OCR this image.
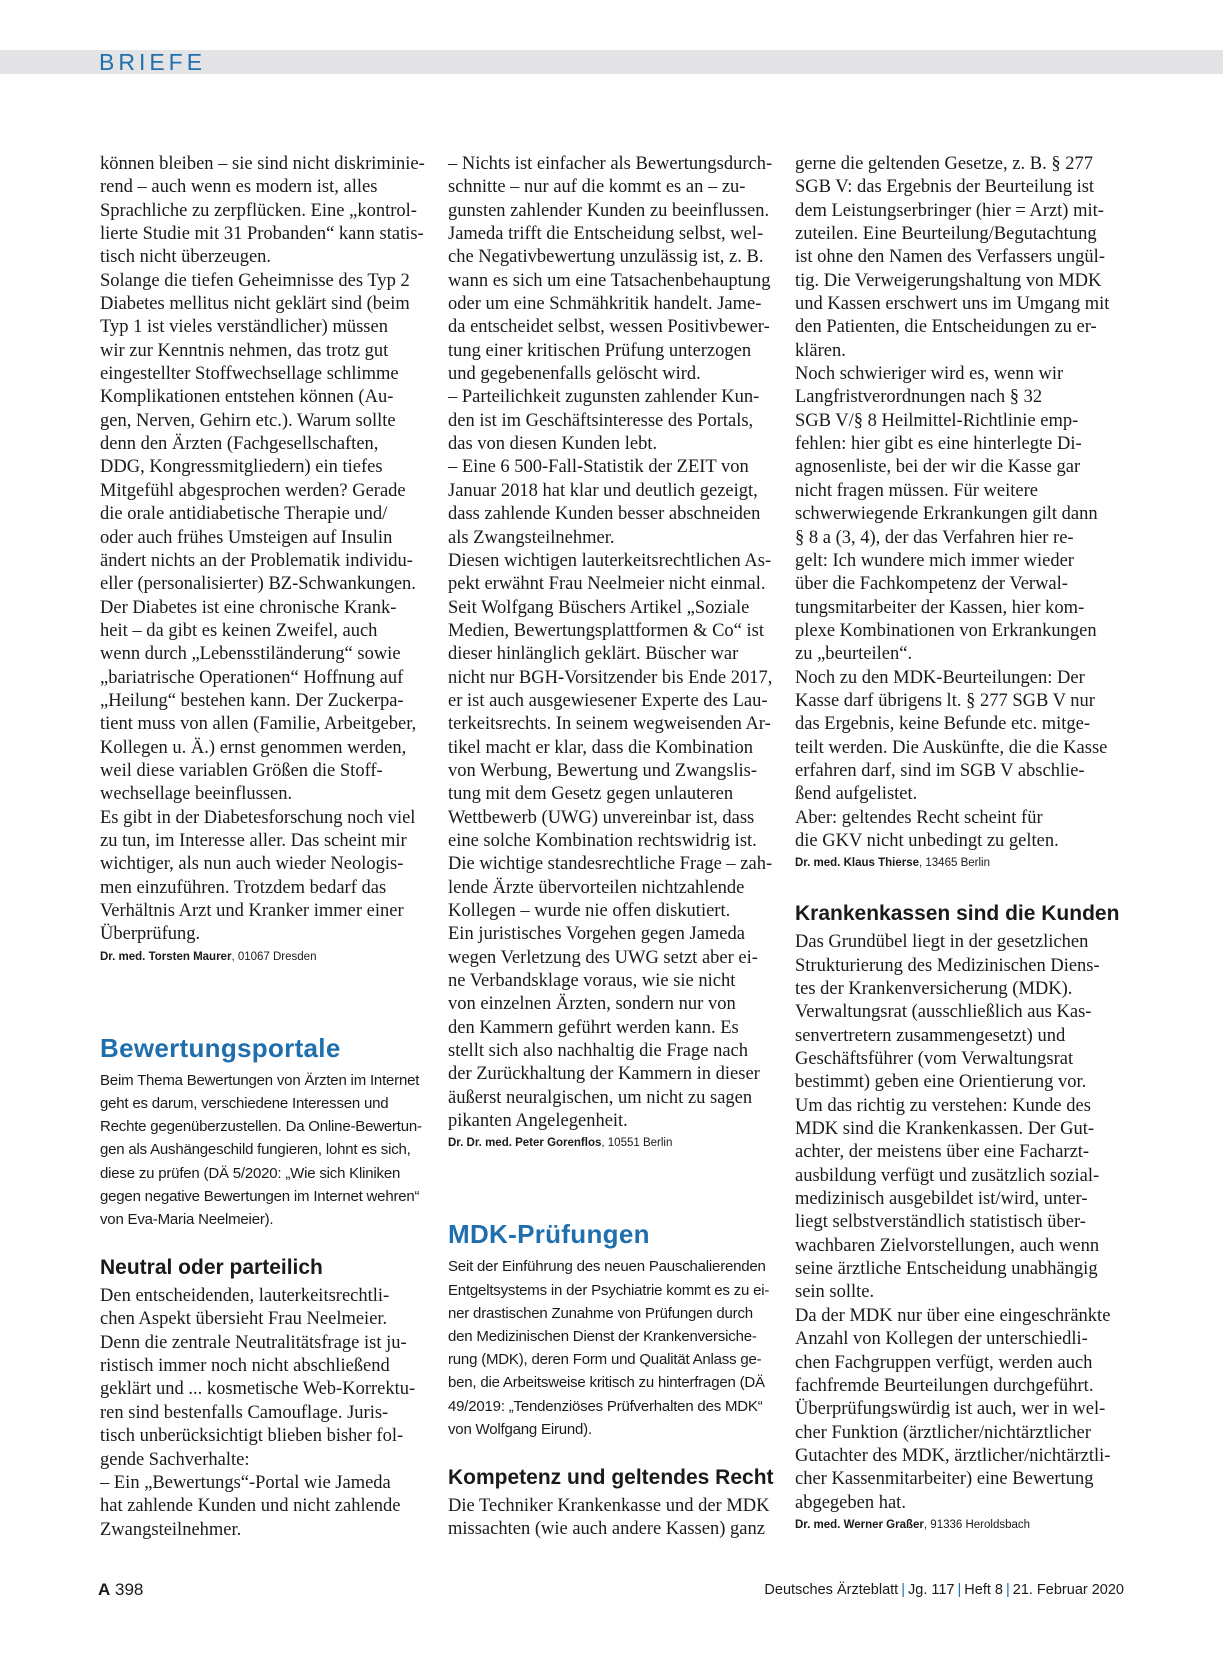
BRIEFE
können bleiben – sie sind nicht diskriminie-
rend – auch wenn es modern ist, alles
Sprachliche zu zerpflücken. Eine „kontrol-
lierte Studie mit 31 Probanden“ kann statis-
tisch nicht überzeugen.
Solange die tiefen Geheimnisse des Typ 2
Diabetes mellitus nicht geklärt sind (beim
Typ 1 ist vieles verständlicher) müssen
wir zur Kenntnis nehmen, das trotz gut
eingestellter Stoffwechsellage schlimme
Komplikationen entstehen können (Au-
gen, Nerven, Gehirn etc.). Warum sollte
denn den Ärzten (Fachgesellschaften,
DDG, Kongressmitgliedern) ein tiefes
Mitgefühl abgesprochen werden? Gerade
die orale antidiabetische Therapie und/
oder auch frühes Umsteigen auf Insulin
ändert nichts an der Problematik individu-
eller (personalisierter) BZ-Schwankungen.
Der Diabetes ist eine chronische Krank-
heit – da gibt es keinen Zweifel, auch
wenn durch „Lebensstiländerung“ sowie
„bariatrische Operationen“ Hoffnung auf
„Heilung“ bestehen kann. Der Zuckerpa-
tient muss von allen (Familie, Arbeitgeber,
Kollegen u. Ä.) ernst genommen werden,
weil diese variablen Größen die Stoff-
wechsellage beeinflussen.
Es gibt in der Diabetesforschung noch viel
zu tun, im Interesse aller. Das scheint mir
wichtiger, als nun auch wieder Neologis-
men einzuführen. Trotzdem bedarf das
Verhältnis Arzt und Kranker immer einer
Überprüfung.

Dr. med. Torsten Maurer, 01067 Dresden

Bewertungsportale
Beim Thema Bewertungen von Ärzten im Internet
geht es darum, verschiedene Interessen und
Rechte gegenüberzustellen. Da Online-Bewertun-
gen als Aushängeschild fungieren, lohnt es sich,
diese zu prüfen (DÄ 5/2020: „Wie sich Kliniken
gegen negative Bewertungen im Internet wehren“
von Eva-Maria Neelmeier).
Neutral oder parteilich
Den entscheidenden, lauterkeitsrechtli-
chen Aspekt übersieht Frau Neelmeier.
Denn die zentrale Neutralitätsfrage ist ju-
ristisch immer noch nicht abschließend
geklärt und ... kosmetische Web-Korrektu-
ren sind bestenfalls Camouflage. Juris-
tisch unberücksichtigt blieben bisher fol-
gende Sachverhalte:
– Ein „Bewertungs“-Portal wie Jameda
hat zahlende Kunden und nicht zahlende
Zwangsteilnehmer.
– Nichts ist einfacher als Bewertungsdurch-
schnitte – nur auf die kommt es an – zu-
gunsten zahlender Kunden zu beeinflussen.
Jameda trifft die Entscheidung selbst, wel-
che Negativbewertung unzulässig ist, z. B.
wann es sich um eine Tatsachenbehauptung
oder um eine Schmähkritik handelt. Jame-
da entscheidet selbst, wessen Positivbewer-
tung einer kritischen Prüfung unterzogen
und gegebenenfalls gelöscht wird.
– Parteilichkeit zugunsten zahlender Kun-
den ist im Geschäftsinteresse des Portals,
das von diesen Kunden lebt.
– Eine 6 500-Fall-Statistik der ZEIT von
Januar 2018 hat klar und deutlich gezeigt,
dass zahlende Kunden besser abschneiden
als Zwangsteilnehmer.
Diesen wichtigen lauterkeitsrechtlichen As-
pekt erwähnt Frau Neelmeier nicht einmal.
Seit Wolfgang Büschers Artikel „Soziale
Medien, Bewertungsplattformen & Co“ ist
dieser hinlänglich geklärt. Büscher war
nicht nur BGH-Vorsitzender bis Ende 2017,
er ist auch ausgewiesener Experte des Lau-
terkeitsrechts. In seinem wegweisenden Ar-
tikel macht er klar, dass die Kombination
von Werbung, Bewertung und Zwangslis-
tung mit dem Gesetz gegen unlauteren
Wettbewerb (UWG) unvereinbar ist, dass
eine solche Kombination rechtswidrig ist.
Die wichtige standesrechtliche Frage – zah-
lende Ärzte übervorteilen nichtzahlende
Kollegen – wurde nie offen diskutiert.
Ein juristisches Vorgehen gegen Jameda
wegen Verletzung des UWG setzt aber ei-
ne Verbandsklage voraus, wie sie nicht
von einzelnen Ärzten, sondern nur von
den Kammern geführt werden kann. Es
stellt sich also nachhaltig die Frage nach
der Zurückhaltung der Kammern in dieser
äußerst neuralgischen, um nicht zu sagen
pikanten Angelegenheit.

Dr. Dr. med. Peter Gorenflos, 10551 Berlin

MDK-Prüfungen
Seit der Einführung des neuen Pauschalierenden
Entgeltsystems in der Psychiatrie kommt es zu ei-
ner drastischen Zunahme von Prüfungen durch
den Medizinischen Dienst der Krankenversiche-
rung (MDK), deren Form und Qualität Anlass ge-
ben, die Arbeitsweise kritisch zu hinterfragen (DÄ
49/2019: „Tendenziöses Prüfverhalten des MDK“
von Wolfgang Eirund).
Kompetenz und geltendes Recht
Die Techniker Krankenkasse und der MDK
missachten (wie auch andere Kassen) ganz
gerne die geltenden Gesetze, z. B. § 277
SGB V: das Ergebnis der Beurteilung ist
dem Leistungserbringer (hier = Arzt) mit-
zuteilen. Eine Beurteilung/Begutachtung
ist ohne den Namen des Verfassers ungül-
tig. Die Verweigerungshaltung von MDK
und Kassen erschwert uns im Umgang mit
den Patienten, die Entscheidungen zu er-
klären.
Noch schwieriger wird es, wenn wir
Langfristverordnungen nach § 32
SGB V/§ 8 Heilmittel-Richtlinie emp-
fehlen: hier gibt es eine hinterlegte Di-
agnosenliste, bei der wir die Kasse gar
nicht fragen müssen. Für weitere
schwerwiegende Erkrankungen gilt dann
§ 8 a (3, 4), der das Verfahren hier re-
gelt: Ich wundere mich immer wieder
über die Fachkompetenz der Verwal-
tungsmitarbeiter der Kassen, hier kom-
plexe Kombinationen von Erkrankungen
zu „beurteilen“.
Noch zu den MDK-Beurteilungen: Der
Kasse darf übrigens lt. § 277 SGB V nur
das Ergebnis, keine Befunde etc. mitge-
teilt werden. Die Auskünfte, die die Kasse
erfahren darf, sind im SGB V abschlie-
ßend aufgelistet.
Aber: geltendes Recht scheint für
die GKV nicht unbedingt zu gelten.

Dr. med. Klaus Thierse, 13465 Berlin

Krankenkassen sind die Kunden
Das Grundübel liegt in der gesetzlichen
Strukturierung des Medizinischen Diens-
tes der Krankenversicherung (MDK).
Verwaltungsrat (ausschließlich aus Kas-
senvertretern zusammengesetzt) und
Geschäftsführer (vom Verwaltungsrat
bestimmt) geben eine Orientierung vor.
Um das richtig zu verstehen: Kunde des
MDK sind die Krankenkassen. Der Gut-
achter, der meistens über eine Facharzt-
ausbildung verfügt und zusätzlich sozial-
medizinisch ausgebildet ist/wird, unter-
liegt selbstverständlich statistisch über-
wachbaren Zielvorstellungen, auch wenn
seine ärztliche Entscheidung unabhängig
sein sollte.
Da der MDK nur über eine eingeschränkte
Anzahl von Kollegen der unterschiedli-
chen Fachgruppen verfügt, werden auch
fachfremde Beurteilungen durchgeführt.
Überprüfungswürdig ist auch, wer in wel-
cher Funktion (ärztlicher/nichtärztlicher
Gutachter des MDK, ärztlicher/nichtärztli-
cher Kassenmitarbeiter) eine Bewertung
abgegeben hat.

Dr. med. Werner Graßer, 91336 Heroldsbach

A 398	Deutsches Ärzteblatt | Jg. 117 | Heft 8 | 21. Februar 2020
